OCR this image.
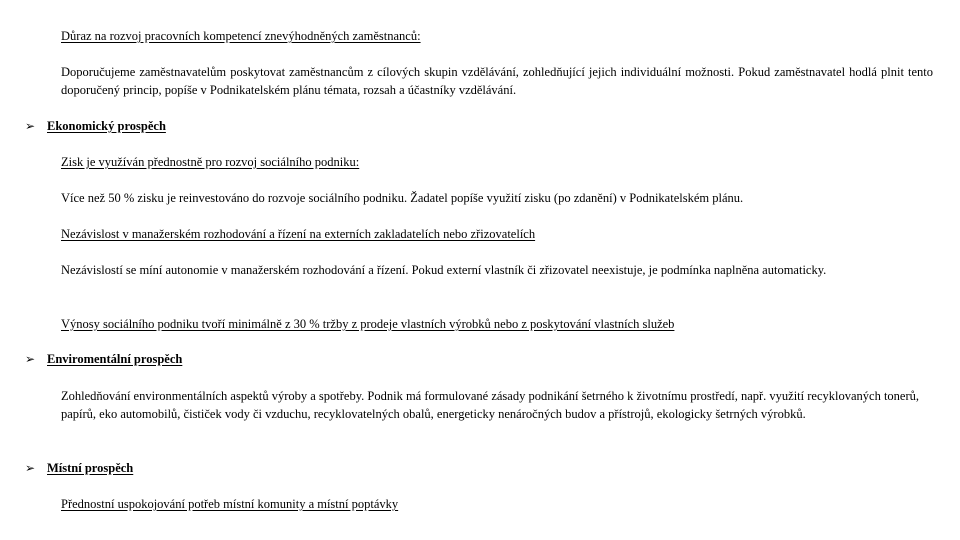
Důraz na rozvoj pracovních kompetencí znevýhodněných zaměstnanců:

Doporučujeme zaměstnavatelům poskytovat zaměstnancům z cílových skupin vzdělávání, zohledňující jejich individuální možnosti. Pokud zaměstnavatel hodlá plnit tento doporučený princip, popíše v Podnikatelském plánu témata, rozsah a účastníky vzdělávání.

➢ Ekonomický prospěch

Zisk je využíván přednostně pro rozvoj sociálního podniku:

Více než 50 % zisku je reinvestováno do rozvoje sociálního podniku. Žadatel popíše využití zisku (po zdanění) v Podnikatelském plánu.

Nezávislost v manažerském rozhodování a řízení na externích zakladatelích nebo zřizovatelích

Nezávislostí se míní autonomie v manažerském rozhodování a řízení. Pokud externí vlastník či zřizovatel neexistuje, je podmínka naplněna automaticky.

Výnosy sociálního podniku tvoří minimálně z 30 % tržby z prodeje vlastních výrobků nebo z poskytování vlastních služeb

➢ Enviromentální prospěch

Zohledňování environmentálních aspektů výroby a spotřeby. Podnik má formulované zásady podnikání šetrného k životnímu prostředí, např. využití recyklovaných tonerů, papírů, eko automobilů, čističek vody či vzduchu, recyklovatelných obalů, energeticky nenáročných budov a přístrojů, ekologicky šetrných výrobků.

➢ Místní prospěch

Přednostní uspokojování potřeb místní komunity a místní poptávky
